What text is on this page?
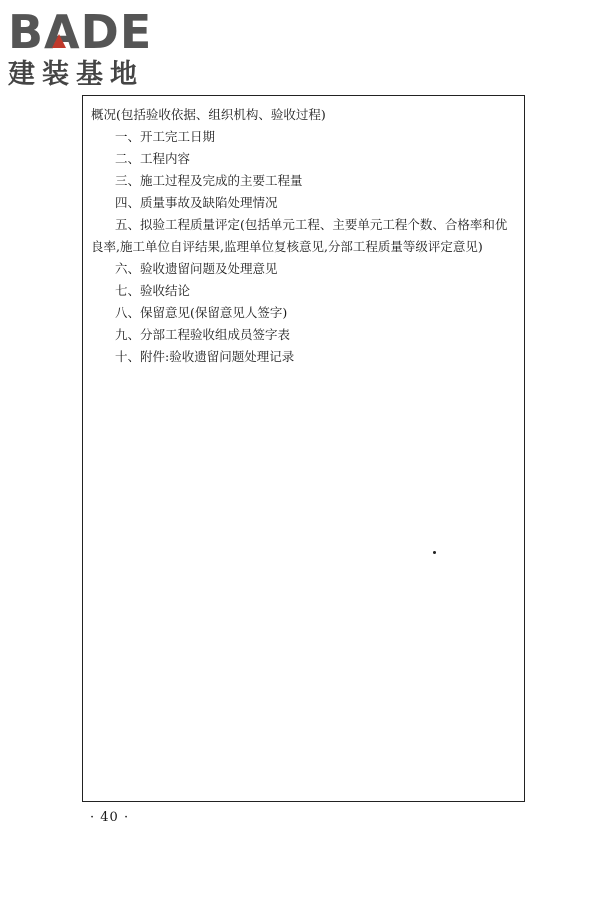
BADE
建装基地

概况(包括验收依据、组织机构、验收过程)

一、开工完工日期

二、工程内容

三、施工过程及完成的主要工程量

四、质量事故及缺陷处理情况

五、拟验工程质量评定(包括单元工程、主要单元工程个数、合格率和优良率,施工单位自评结果,监理单位复核意见,分部工程质量等级评定意见)

六、验收遗留问题及处理意见

七、验收结论

八、保留意见(保留意见人签字)

九、分部工程验收组成员签字表

十、附件:验收遗留问题处理记录

· 40 ·
